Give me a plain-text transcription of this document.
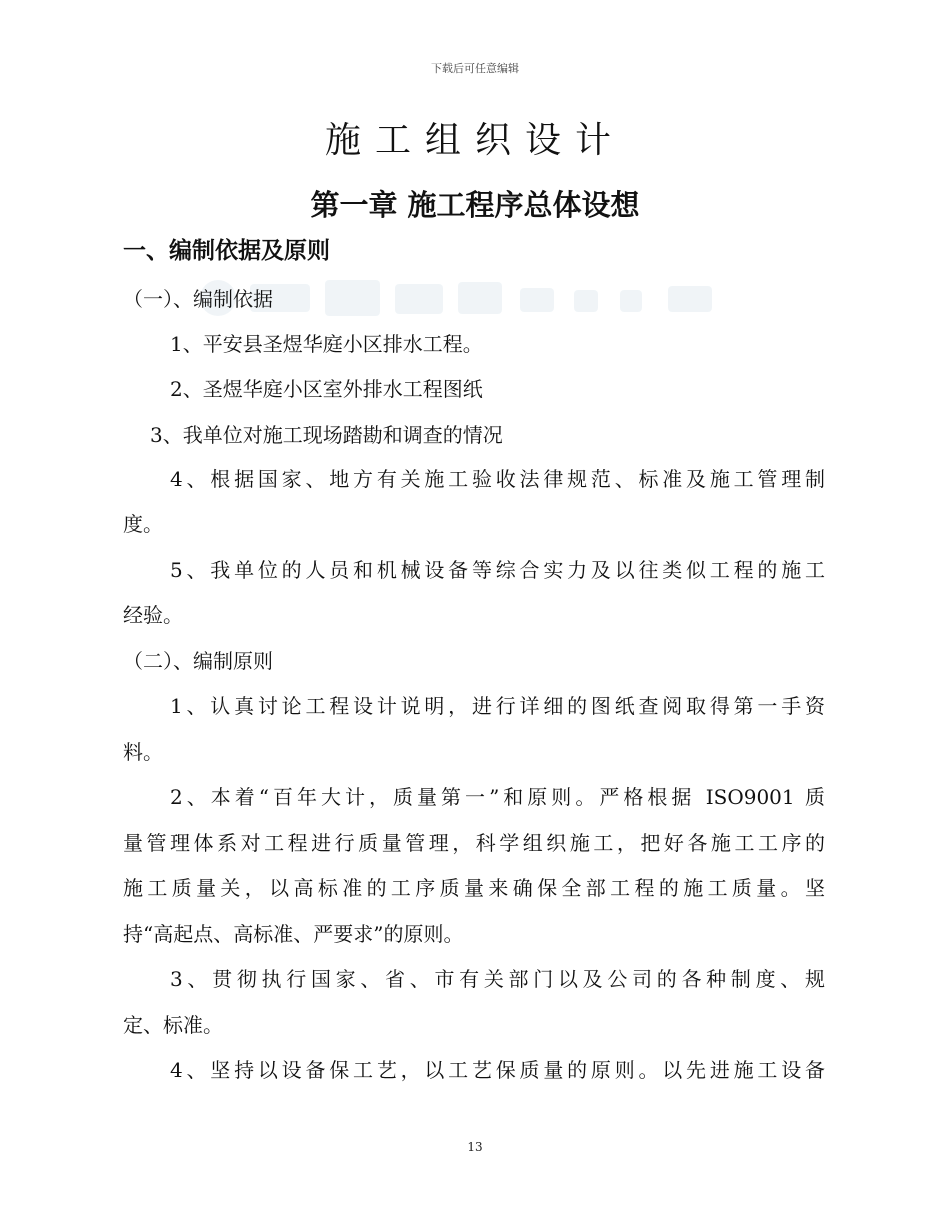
下载后可任意编辑
施工组织设计
第一章 施工程序总体设想
一、编制依据及原则
（一）、编制依据
1、平安县圣煜华庭小区排水工程。
2、圣煜华庭小区室外排水工程图纸
3、我单位对施工现场踏勘和调查的情况
4、根据国家、地方有关施工验收法律规范、标准及施工管理制
度。
5、我单位的人员和机械设备等综合实力及以往类似工程的施工
经验。
（二）、编制原则
1、认真讨论工程设计说明，进行详细的图纸查阅取得第一手资
料。
2、本着“百年大计，质量第一”和原则。严格根据 ISO9001 质
量管理体系对工程进行质量管理，科学组织施工，把好各施工工序的
施工质量关，以高标准的工序质量来确保全部工程的施工质量。坚
持“高起点、高标准、严要求”的原则。
3、贯彻执行国家、省、市有关部门以及公司的各种制度、规
定、标准。
4、坚持以设备保工艺，以工艺保质量的原则。以先进施工设备
13
